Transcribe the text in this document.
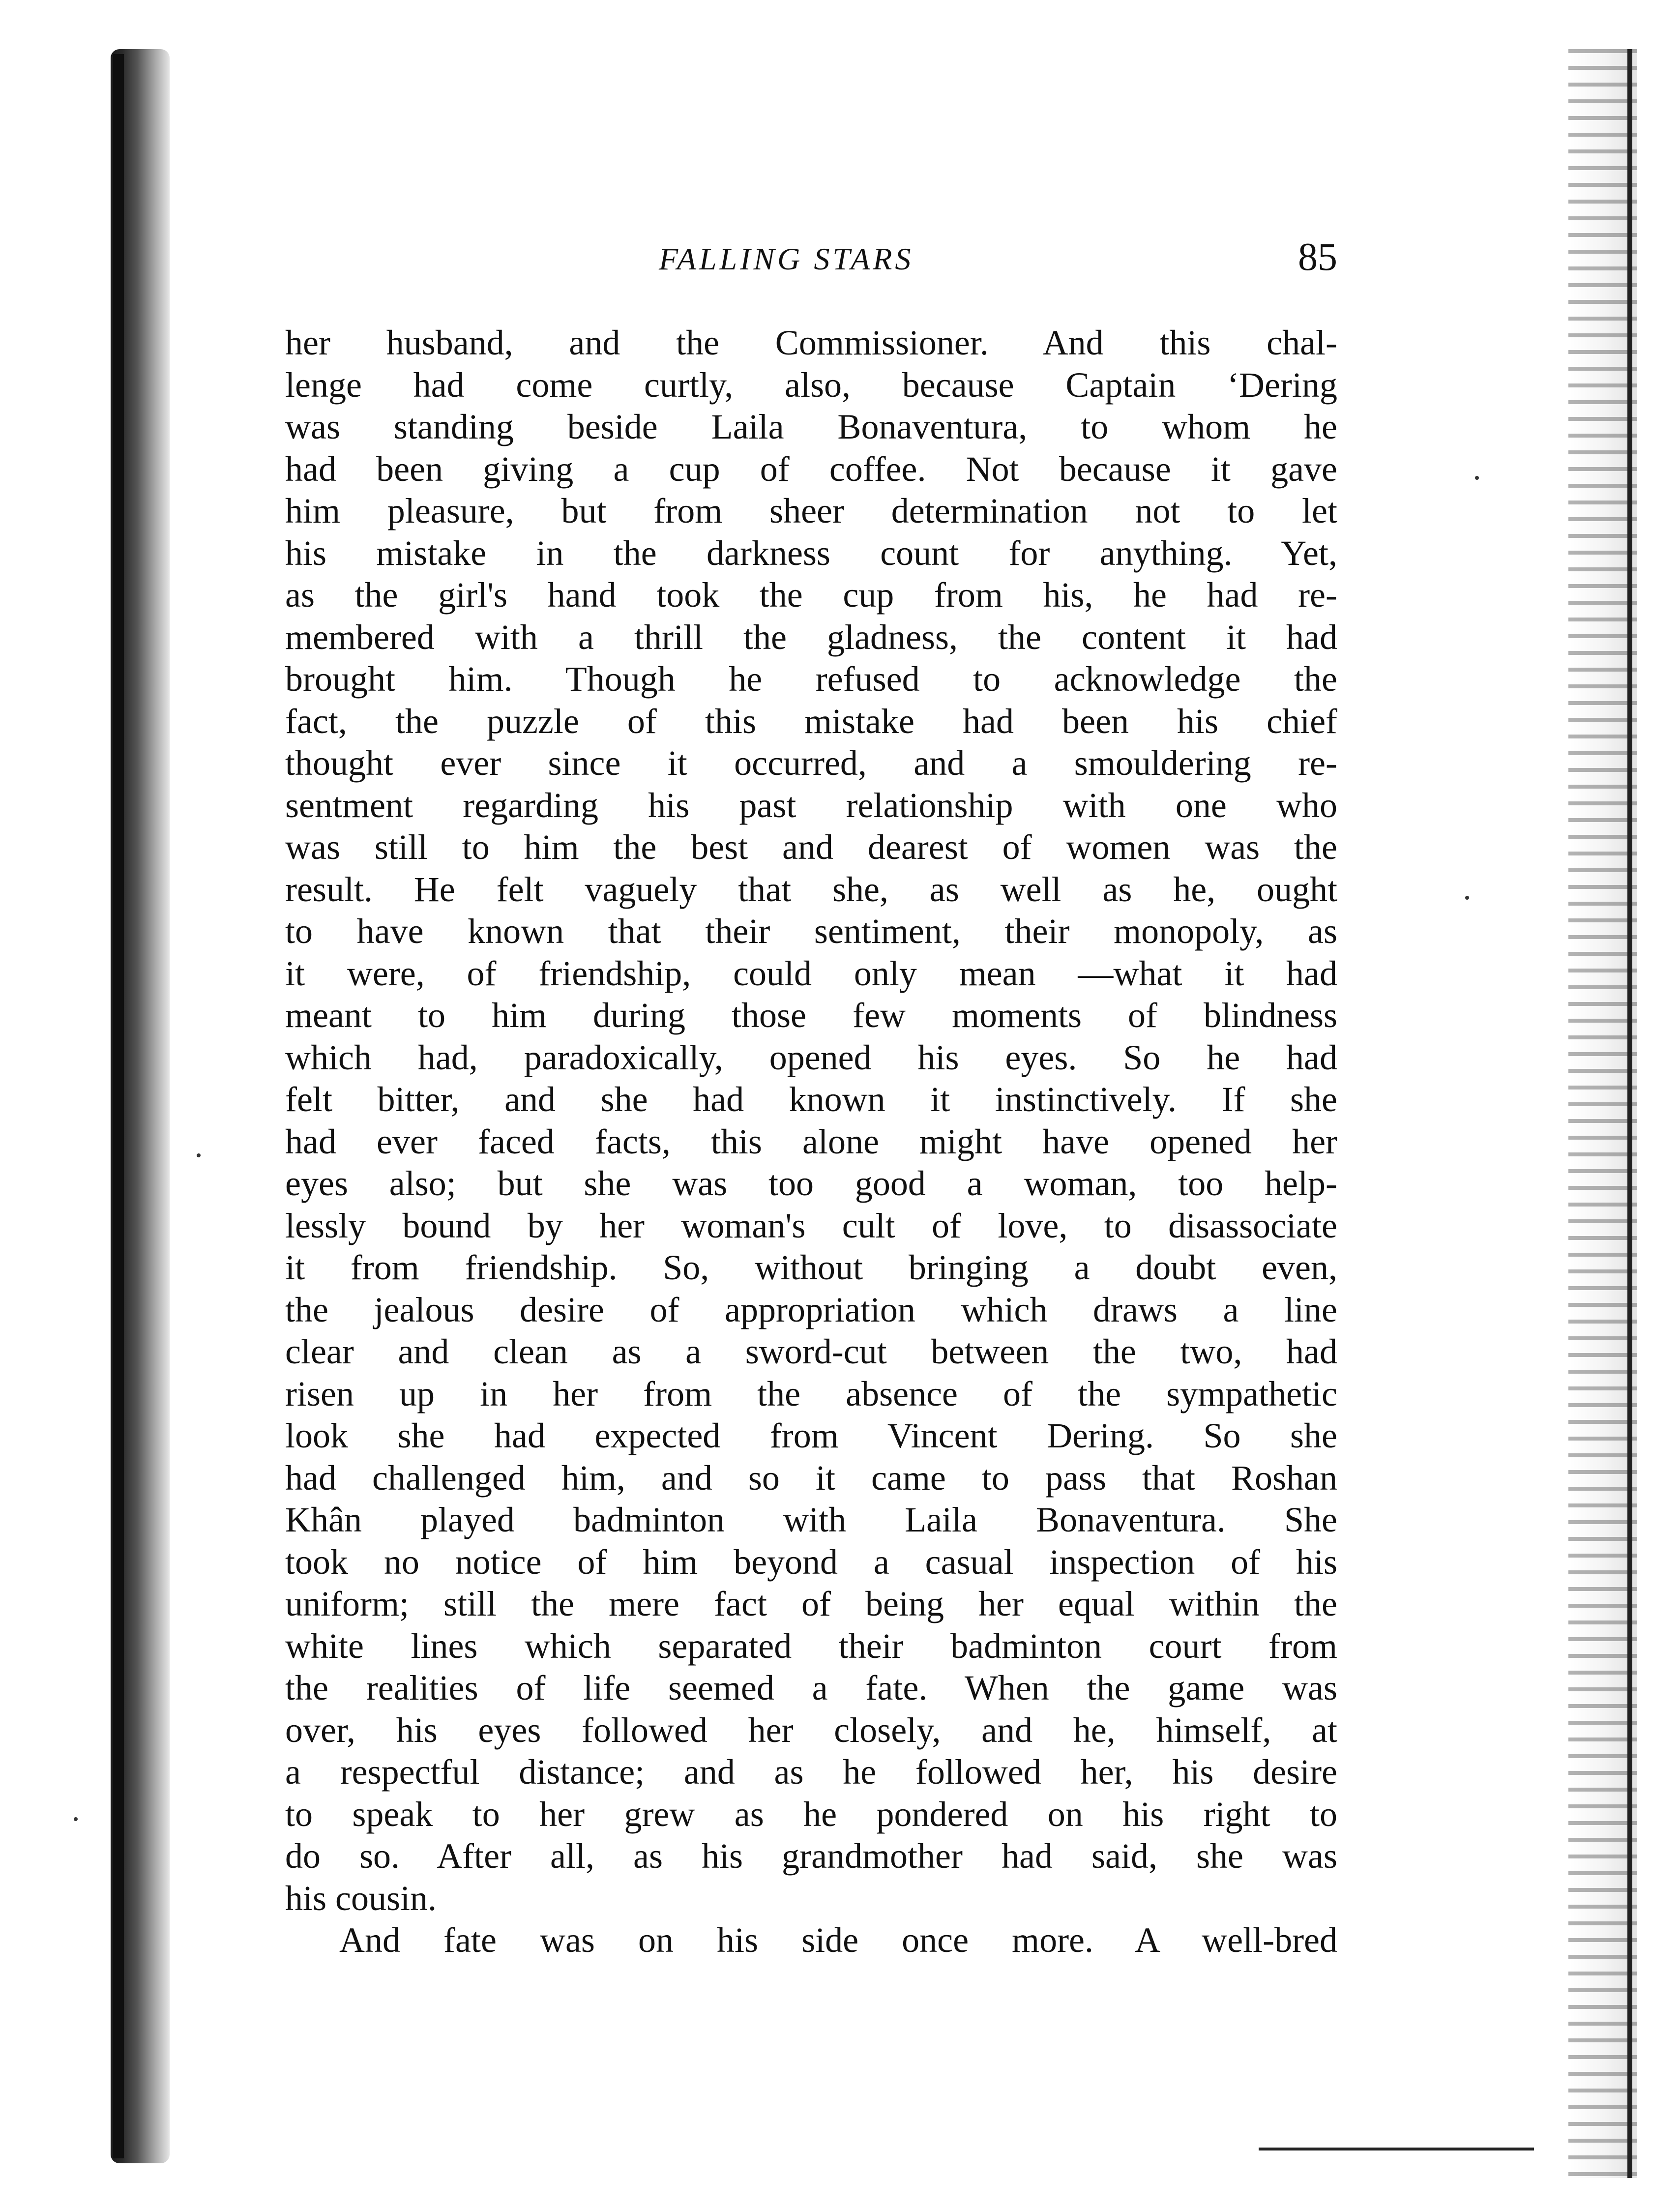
FALLING STARS	85
her husband, and the Commissioner. And this chal-
lenge had come curtly, also, because Captain ‘Dering
was standing beside Laila Bonaventura, to whom he
had been giving a cup of coffee. Not because it gave
him pleasure, but from sheer determination not to let
his mistake in the darkness count for anything. Yet,
as the girl's hand took the cup from his, he had re-
membered with a thrill the gladness, the content it had
brought him. Though he refused to acknowledge the
fact, the puzzle of this mistake had been his chief
thought ever since it occurred, and a smouldering re-
sentment regarding his past relationship with one who
was still to him the best and dearest of women was the
result. He felt vaguely that she, as well as he, ought
to have known that their sentiment, their monopoly, as
it were, of friendship, could only mean —what it had
meant to him during those few moments of blindness
which had, paradoxically, opened his eyes. So he had
felt bitter, and she had known it instinctively. If she
had ever faced facts, this alone might have opened her
eyes also; but she was too good a woman, too help-
lessly bound by her woman's cult of love, to disassociate
it from friendship. So, without bringing a doubt even,
the jealous desire of appropriation which draws a line
clear and clean as a sword-cut between the two, had
risen up in her from the absence of the sympathetic
look she had expected from Vincent Dering. So she
had challenged him, and so it came to pass that Roshan
Khân played badminton with Laila Bonaventura. She
took no notice of him beyond a casual inspection of his
uniform; still the mere fact of being her equal within the
white lines which separated their badminton court from
the realities of life seemed a fate. When the game was
over, his eyes followed her closely, and he, himself, at
a respectful distance; and as he followed her, his desire
to speak to her grew as he pondered on his right to
do so. After all, as his grandmother had said, she was
his cousin.
And fate was on his side once more. A well-bred
